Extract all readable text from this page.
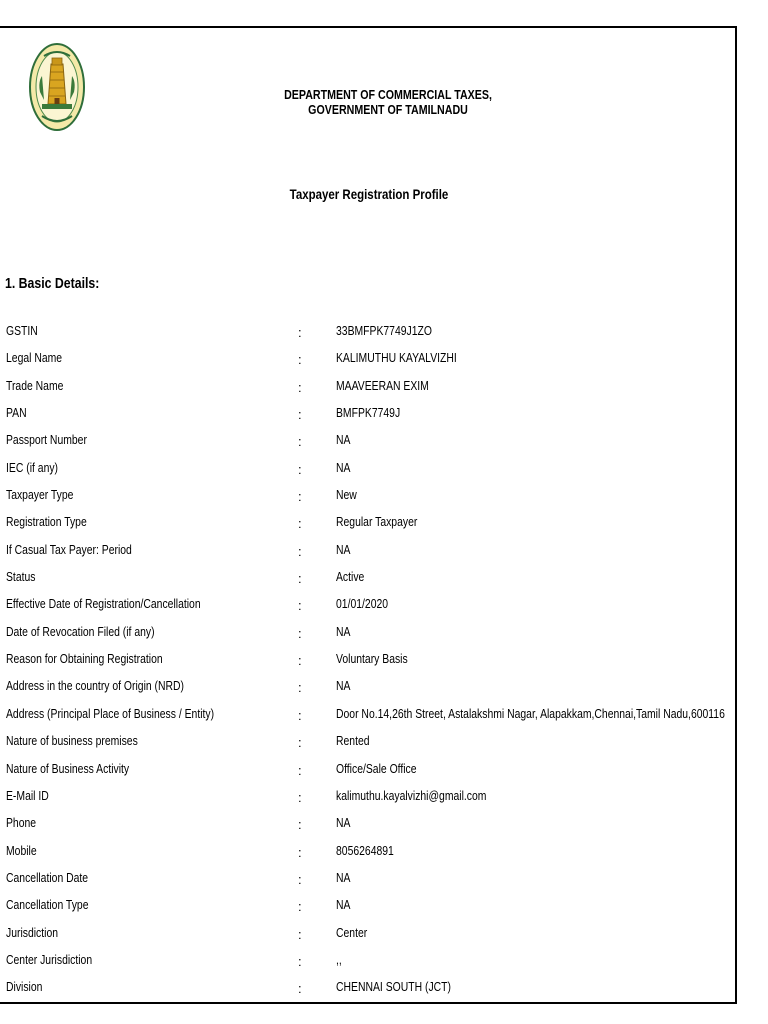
DEPARTMENT OF COMMERCIAL TAXES,
GOVERNMENT OF TAMILNADU
Taxpayer Registration Profile
1. Basic Details:
GSTIN	:	33BMFPK7749J1ZO
Legal Name	:	KALIMUTHU KAYALVIZHI
Trade Name	:	MAAVEERAN EXIM
PAN	:	BMFPK7749J
Passport Number	:	NA
IEC (if any)	:	NA
Taxpayer Type	:	New
Registration Type	:	Regular Taxpayer
If Casual Tax Payer: Period	:	NA
Status	:	Active
Effective Date of Registration/Cancellation	:	01/01/2020
Date of Revocation Filed (if any)	:	NA
Reason for Obtaining Registration	:	Voluntary Basis
Address in the country of Origin (NRD)	:	NA
Address (Principal Place of Business / Entity)	:	Door No.14,26th Street, Astalakshmi Nagar, Alapakkam,Chennai,Tamil Nadu,600116
Nature of business premises	:	Rented
Nature of Business Activity	:	Office/Sale Office
E-Mail ID	:	kalimuthu.kayalvizhi@gmail.com
Phone	:	NA
Mobile	:	8056264891
Cancellation Date	:	NA
Cancellation Type	:	NA
Jurisdiction	:	Center
Center Jurisdiction	:	,,
Division	:	CHENNAI SOUTH (JCT)
